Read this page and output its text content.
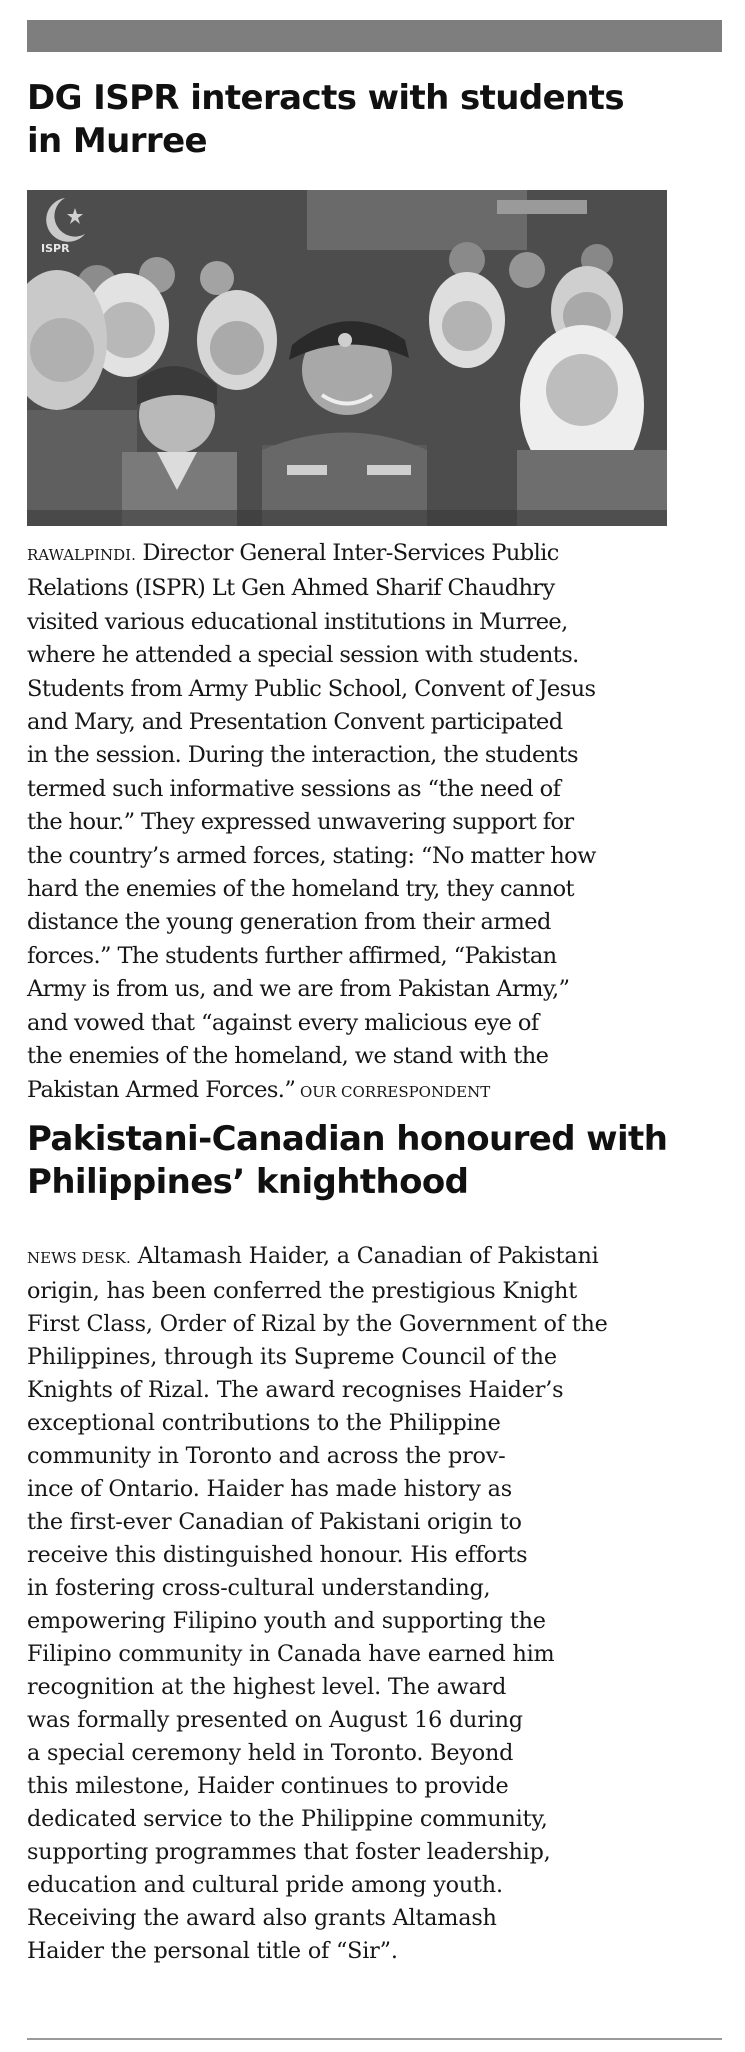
DG ISPR interacts with students
in Murree
ISPR

RAWALPINDI. Director General Inter-Services Public
Relations (ISPR) Lt Gen Ahmed Sharif Chaudhry
visited various educational institutions in Murree,
where he attended a special session with students.
Students from Army Public School, Convent of Jesus
and Mary, and Presentation Convent participated
in the session. During the interaction, the students
termed such informative sessions as “the need of
the hour.” They expressed unwavering support for
the country’s armed forces, stating: “No matter how
hard the enemies of the homeland try, they cannot
distance the young generation from their armed
forces.” The students further affirmed, “Pakistan
Army is from us, and we are from Pakistan Army,”
and vowed that “against every malicious eye of
the enemies of the homeland, we stand with the
Pakistan Armed Forces.” OUR CORRESPONDENT

Pakistani-Canadian honoured with
Philippines’ knighthood

NEWS DESK. Altamash Haider, a Canadian of Pakistani
origin, has been conferred the prestigious Knight
First Class, Order of Rizal by the Government of the
Philippines, through its Supreme Council of the
Knights of Rizal. The award recognises Haider’s
exceptional contributions to the Philippine
community in Toronto and across the prov-
ince of Ontario. Haider has made history as
the first-ever Canadian of Pakistani origin to
receive this distinguished honour. His efforts
in fostering cross-cultural understanding,
empowering Filipino youth and supporting the
Filipino community in Canada have earned him
recognition at the highest level. The award
was formally presented on August 16 during
a special ceremony held in Toronto. Beyond
this milestone, Haider continues to provide
dedicated service to the Philippine community,
supporting programmes that foster leadership,
education and cultural pride among youth.
Receiving the award also grants Altamash
Haider the personal title of “Sir”.
